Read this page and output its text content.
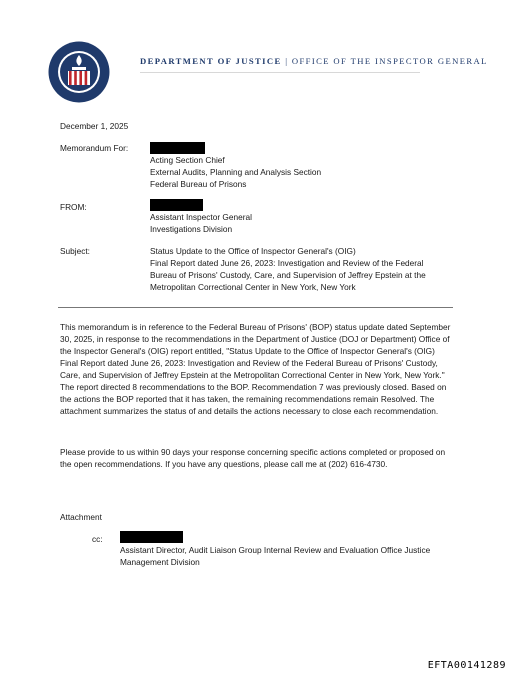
DEPARTMENT OF JUSTICE | OFFICE OF THE INSPECTOR GENERAL
December 1, 2025
Memorandum For:
Acting Section Chief
External Audits, Planning and Analysis Section
Federal Bureau of Prisons
FROM:
Assistant Inspector General
Investigations Division
Subject:	Status Update to the Office of Inspector General's (OIG)
Final Report dated June 26, 2023: Investigation and Review of the Federal
Bureau of Prisons' Custody, Care, and Supervision of Jeffrey Epstein at the
Metropolitan Correctional Center in New York, New York
This memorandum is in reference to the Federal Bureau of Prisons' (BOP) status update dated September 30, 2025, in response to the recommendations in the Department of Justice (DOJ or Department) Office of the Inspector General's (OIG) report entitled, "Status Update to the Office of Inspector General's (OIG) Final Report dated June 26, 2023: Investigation and Review of the Federal Bureau of Prisons' Custody, Care, and Supervision of Jeffrey Epstein at the Metropolitan Correctional Center in New York, New York." The report directed 8 recommendations to the BOP. Recommendation 7 was previously closed. Based on the actions the BOP reported that it has taken, the remaining recommendations remain Resolved. The attachment summarizes the status of and details the actions necessary to close each recommendation.
Please provide to us within 90 days your response concerning specific actions completed or proposed on the open recommendations. If you have any questions, please call me at (202) 616-4730.
Attachment
cc:
Assistant Director, Audit Liaison Group Internal Review and Evaluation Office Justice
Management Division
EFTA00141289
